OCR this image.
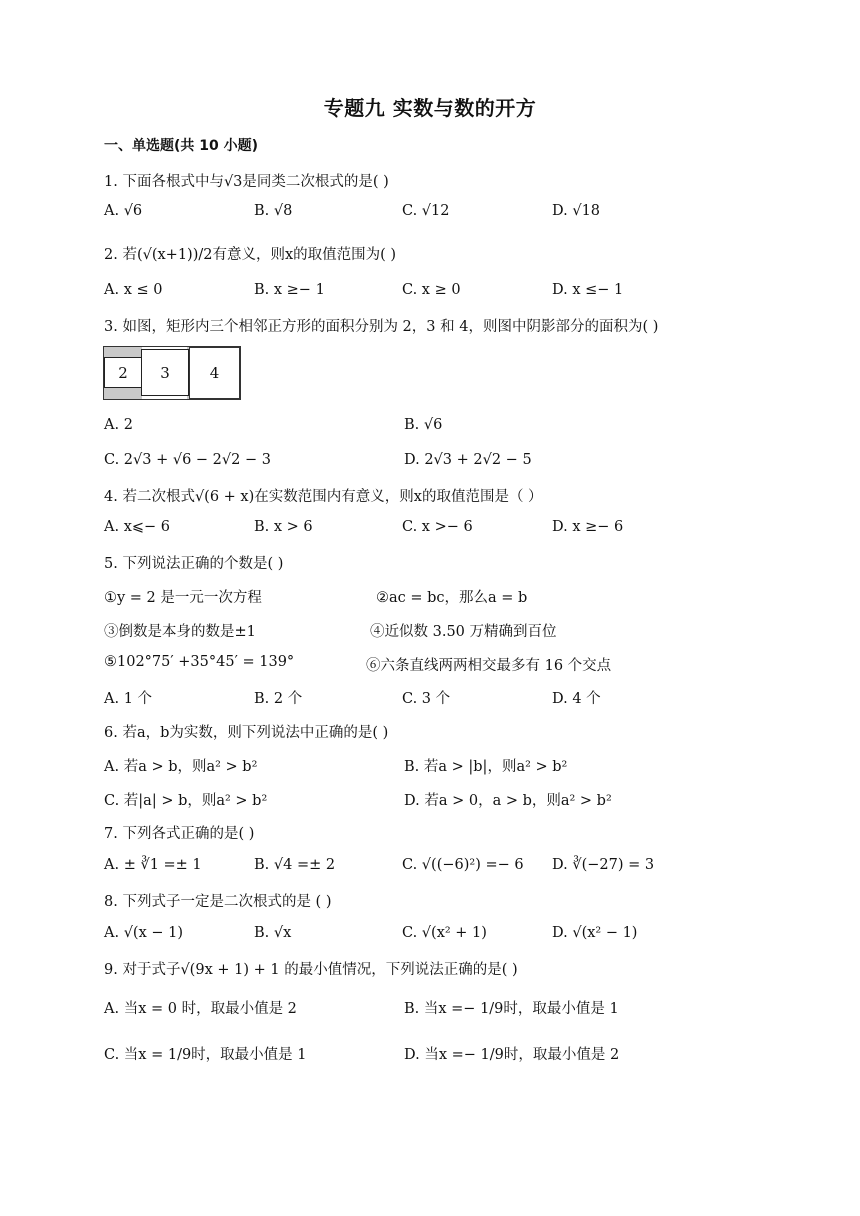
专题九 实数与数的开方
一、单选题(共 10 小题)
1. 下面各根式中与√3是同类二次根式的是( )
A. √6	B. √8	C. √12	D. √18
2. 若(√(x+1))/2有意义，则x的取值范围为( )
A. x ≤ 0	B. x ≥− 1	C. x ≥ 0	D. x ≤− 1
3. 如图，矩形内三个相邻正方形的面积分别为 2，3 和 4，则图中阴影部分的面积为( )
2 3	4
A. 2	B. √6
C. 2√3 + √6 − 2√2 − 3	D. 2√3 + 2√2 − 5
4. 若二次根式√(6 + x)在实数范围内有意义，则x的取值范围是（ ）
A. x⩽− 6	B. x > 6	C. x >− 6	D. x ≥− 6
5. 下列说法正确的个数是( )
①y = 2 是一元一次方程	②ac = bc，那么a = b
③倒数是本身的数是±1	④近似数 3.50 万精确到百位
⑤102°75′ +35°45′ = 139°	⑥六条直线两两相交最多有 16 个交点
A. 1 个	B. 2 个	C. 3 个	D. 4 个
6. 若a，b为实数，则下列说法中正确的是( )
A. 若a > b，则a² > b²	B. 若a > |b|，则a² > b²
C. 若|a| > b，则a² > b²	D. 若a > 0，a > b，则a² > b²
7. 下列各式正确的是( )
A. ± ∛1 =± 1	B. √4 =± 2	C. √((−6)²) =− 6 D. ∛(−27) = 3
8. 下列式子一定是二次根式的是 ( )
A. √(x − 1)	B. √x	C. √(x² + 1)	D. √(x² − 1)
9. 对于式子√(9x + 1) + 1 的最小值情况，下列说法正确的是( )
A. 当x = 0 时，取最小值是 2	B. 当x =− 1/9时，取最小值是 1
C. 当x = 1/9时，取最小值是 1	D. 当x =− 1/9时，取最小值是 2
